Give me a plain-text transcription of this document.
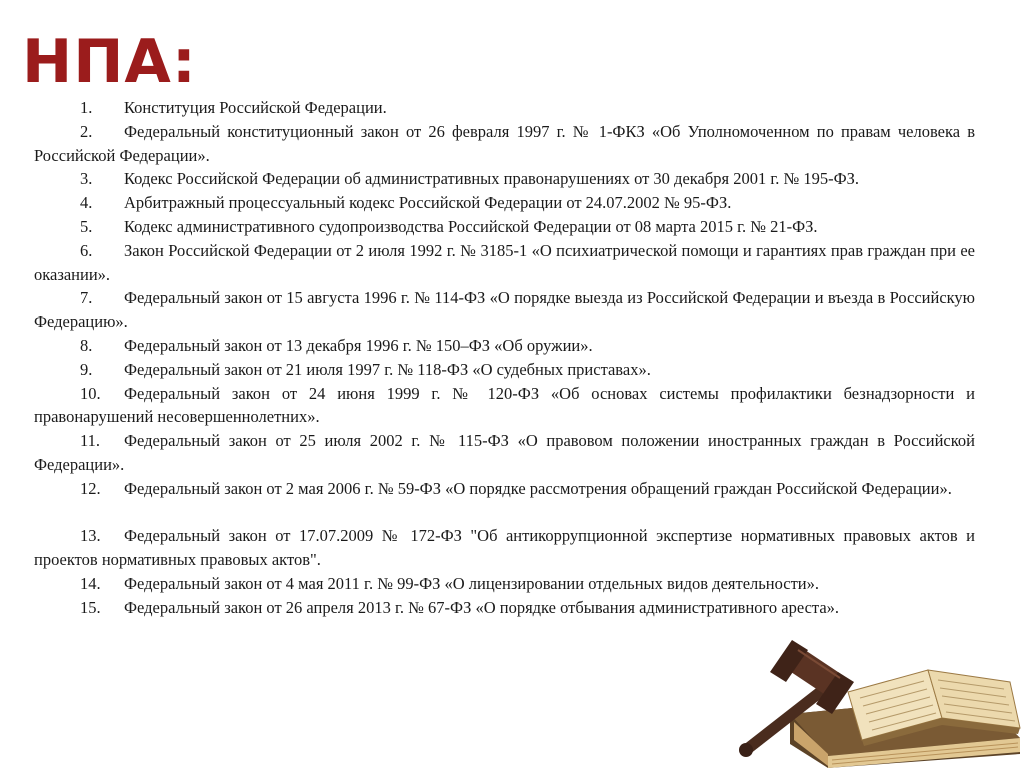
НПА:

1. Конституция Российской Федерации.

2. Федеральный конституционный закон от 26 февраля 1997 г. № 1-ФКЗ «Об Уполномоченном по правам человека в Российской Федерации».

3. Кодекс Российской Федерации об административных правонарушениях от 30 декабря 2001 г. № 195-ФЗ.

4. Арбитражный процессуальный кодекс Российской Федерации от 24.07.2002 № 95-ФЗ.

5. Кодекс административного судопроизводства Российской Федерации от 08 марта 2015 г. № 21-ФЗ.

6. Закон Российской Федерации от 2 июля 1992 г. № 3185-1 «О психиатрической помощи и гарантиях прав граждан при ее оказании».

7. Федеральный закон от 15 августа 1996 г. № 114-ФЗ «О порядке выезда из Российской Федерации и въезда в Российскую Федерацию».

8. Федеральный закон от 13 декабря 1996 г. № 150–ФЗ «Об оружии».

9. Федеральный закон от 21 июля 1997 г. № 118-ФЗ «О судебных приставах».

10. Федеральный закон от 24 июня 1999 г. № 120-ФЗ «Об основах системы профилактики безнадзорности и правонарушений несовершеннолетних».

11. Федеральный закон от 25 июля 2002 г. № 115-ФЗ «О правовом положении иностранных граждан в Российской Федерации».

12. Федеральный закон от 2 мая 2006 г. № 59-ФЗ «О порядке рассмотрения обращений граждан Российской Федерации».

13. Федеральный закон от 17.07.2009 № 172-ФЗ "Об антикоррупционной экспертизе нормативных правовых актов и проектов нормативных правовых актов".

14. Федеральный закон от 4 мая 2011 г. № 99-ФЗ «О лицензировании отдельных видов деятельности».

15. Федеральный закон от 26 апреля 2013 г. № 67-ФЗ «О порядке отбывания административного ареста».
